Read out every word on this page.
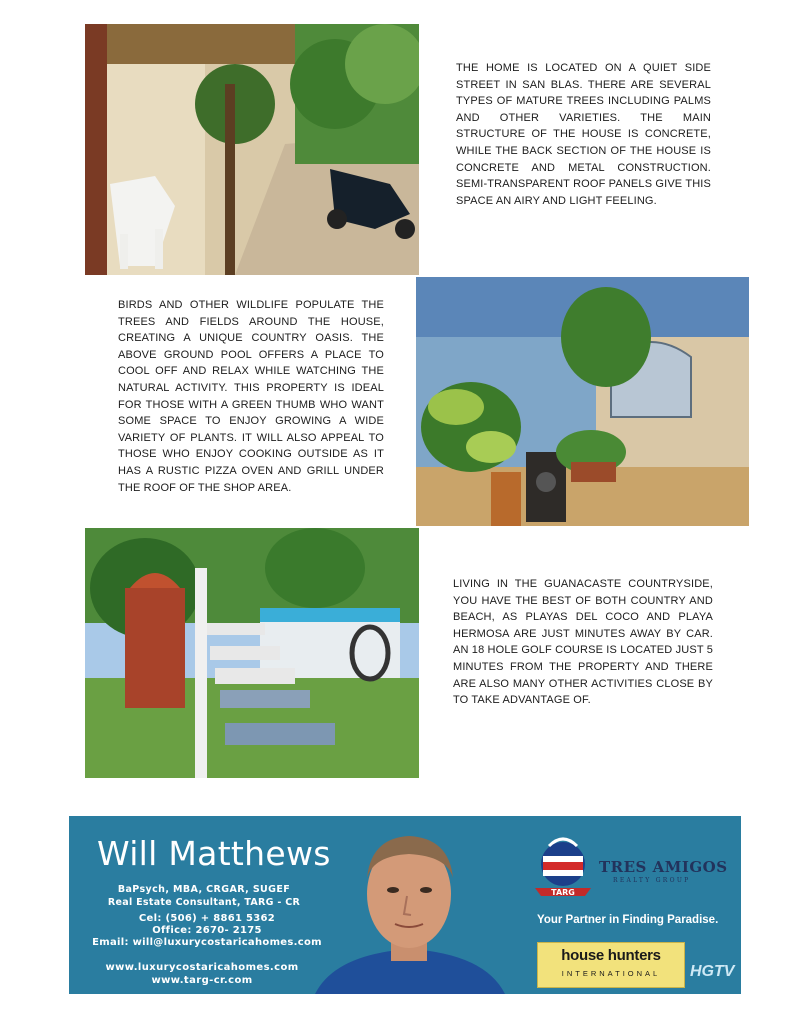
THE HOME IS LOCATED ON A QUIET SIDE STREET IN SAN BLAS. THERE ARE SEVERAL TYPES OF MATURE TREES INCLUDING PALMS AND OTHER VARIETIES. THE MAIN STRUCTURE OF THE HOUSE IS CONCRETE, WHILE THE BACK SECTION OF THE HOUSE IS CONCRETE AND METAL CONSTRUCTION. SEMI-TRANSPARENT ROOF PANELS GIVE THIS SPACE AN AIRY AND LIGHT FEELING.

BIRDS AND OTHER WILDLIFE POPULATE THE TREES AND FIELDS AROUND THE HOUSE, CREATING A UNIQUE COUNTRY OASIS. THE ABOVE GROUND POOL OFFERS A PLACE TO COOL OFF AND RELAX WHILE WATCHING THE NATURAL ACTIVITY. THIS PROPERTY IS IDEAL FOR THOSE WITH A GREEN THUMB WHO WANT SOME SPACE TO ENJOY GROWING A WIDE VARIETY OF PLANTS. IT WILL ALSO APPEAL TO THOSE WHO ENJOY COOKING OUTSIDE AS IT HAS A RUSTIC PIZZA OVEN AND GRILL UNDER THE ROOF OF THE SHOP AREA.

LIVING IN THE GUANACASTE COUNTRYSIDE, YOU HAVE THE BEST OF BOTH COUNTRY AND BEACH, AS PLAYAS DEL COCO AND PLAYA HERMOSA ARE JUST MINUTES AWAY BY CAR. AN 18 HOLE GOLF COURSE IS LOCATED JUST 5 MINUTES FROM THE PROPERTY AND THERE ARE ALSO MANY OTHER ACTIVITIES CLOSE BY TO TAKE ADVANTAGE OF.

Will Matthews

BaPsych, MBA, CRGAR, SUGEF

Real Estate Consultant, TARG - CR

Cel: (506) + 8861 5362

Office: 2670- 2175

Email: will@luxurycostaricahomes.com

www.luxurycostaricahomes.com

www.targ-cr.com

TARG
TRES AMIGOS
REALTY GROUP
Your Partner in Finding Paradise.
house hunters
INTERNATIONAL	HGTV
